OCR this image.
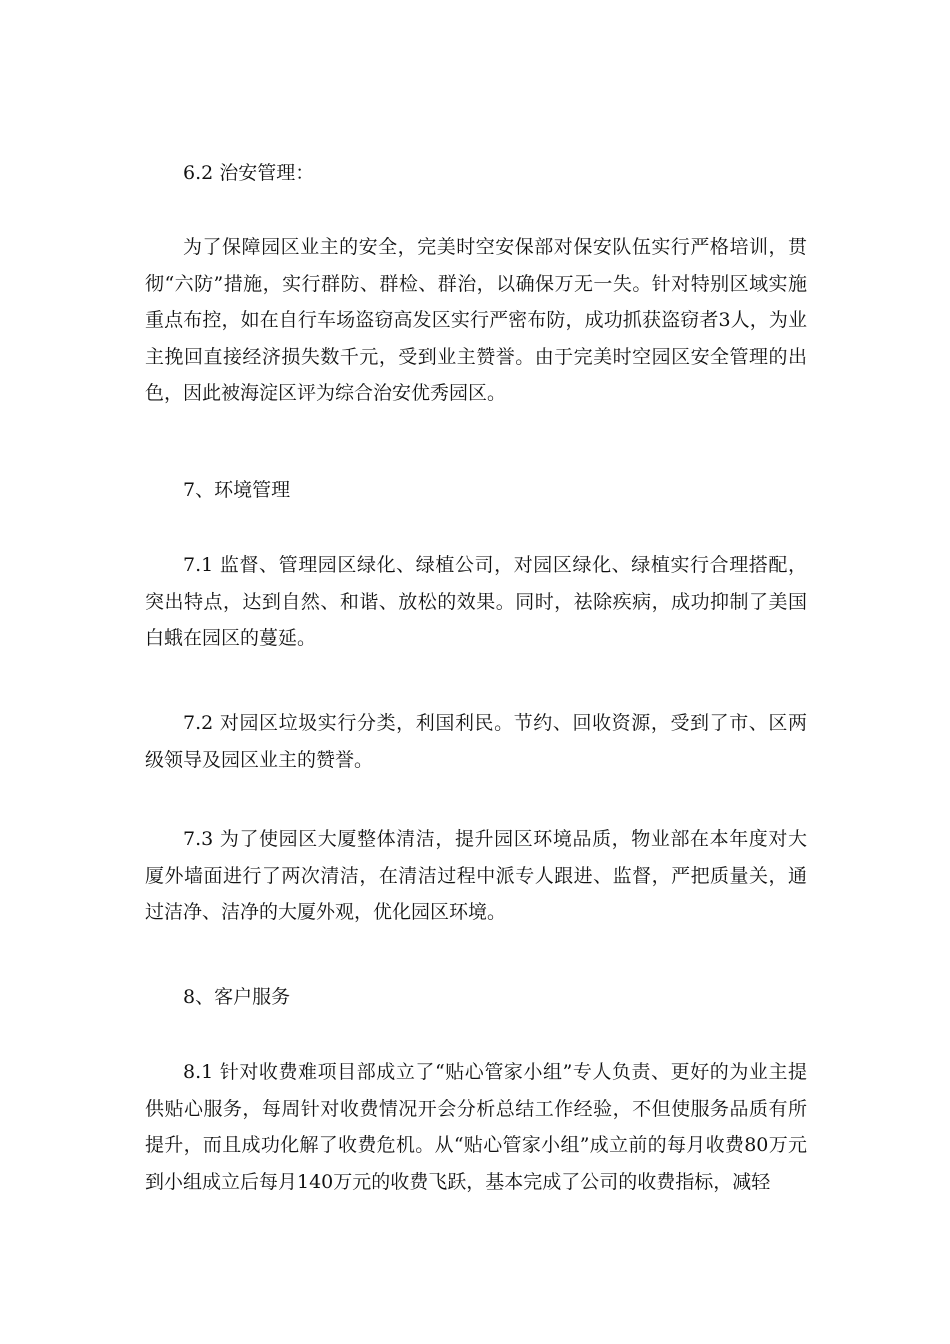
6.2 治安管理：

为了保障园区业主的安全，完美时空安保部对保安队伍实行严格培训，贯彻“六防”措施，实行群防、群检、群治，以确保万无一失。针对特别区域实施重点布控，如在自行车场盗窃高发区实行严密布防，成功抓获盗窃者3人，为业主挽回直接经济损失数千元，受到业主赞誉。由于完美时空园区安全管理的出色，因此被海淀区评为综合治安优秀园区。

7、环境管理

7.1 监督、管理园区绿化、绿植公司，对园区绿化、绿植实行合理搭配，突出特点，达到自然、和谐、放松的效果。同时，祛除疾病，成功抑制了美国白蛾在园区的蔓延。

7.2 对园区垃圾实行分类，利国利民。节约、回收资源，受到了市、区两级领导及园区业主的赞誉。

7.3 为了使园区大厦整体清洁，提升园区环境品质，物业部在本年度对大厦外墙面进行了两次清洁，在清洁过程中派专人跟进、监督，严把质量关，通过洁净、洁净的大厦外观，优化园区环境。

8、客户服务

8.1 针对收费难项目部成立了“贴心管家小组”专人负责、更好的为业主提供贴心服务，每周针对收费情况开会分析总结工作经验，不但使服务品质有所提升，而且成功化解了收费危机。从“贴心管家小组”成立前的每月收费80万元到小组成立后每月140万元的收费飞跃，基本完成了公司的收费指标，减轻
